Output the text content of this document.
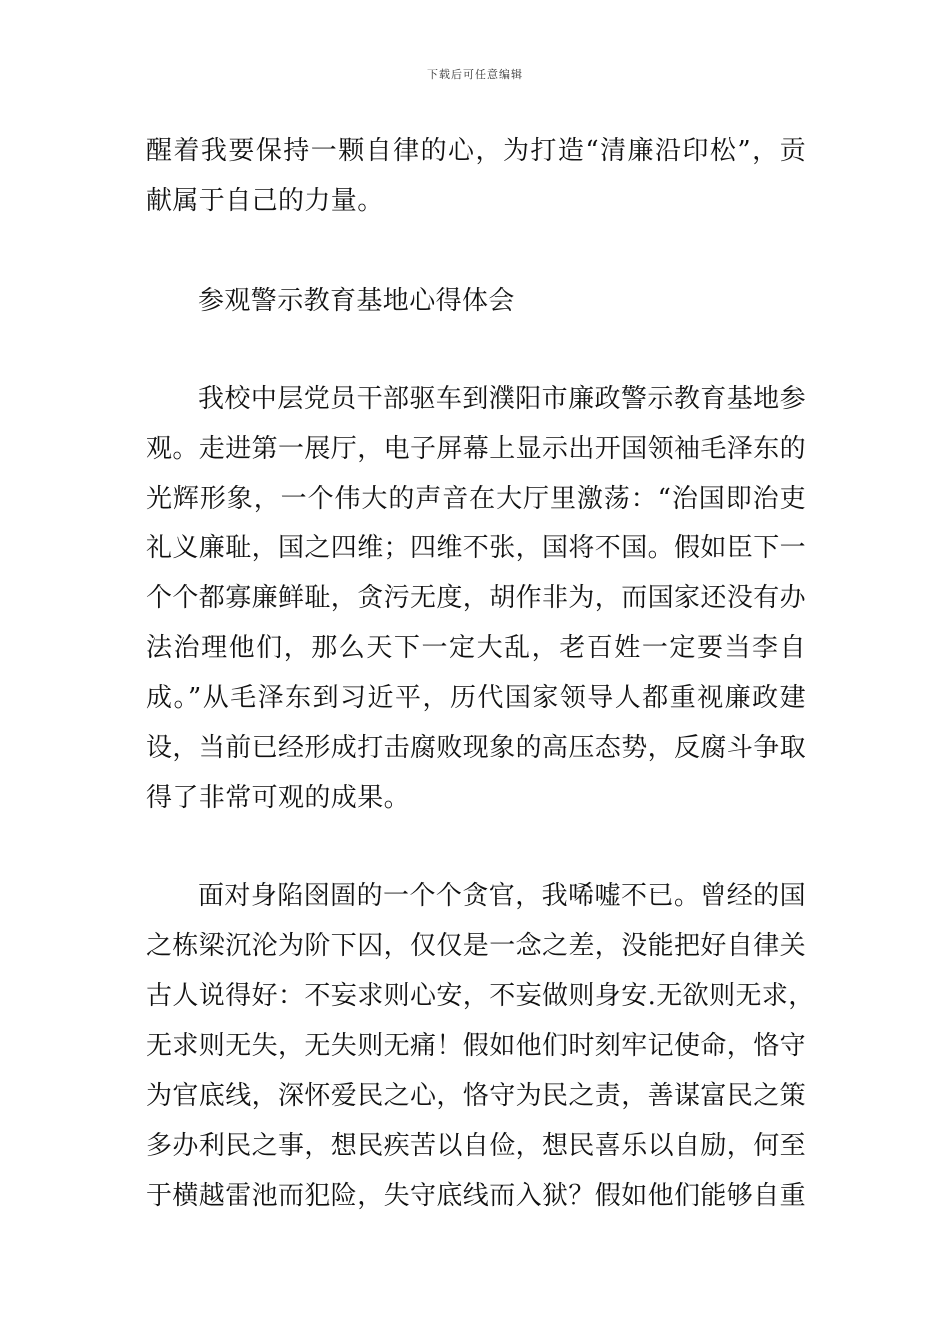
下载后可任意编辑
醒着我要保持一颗自律的心，为打造“清廉沿印松”，贡
献属于自己的力量。
参观警示教育基地心得体会
我校中层党员干部驱车到濮阳市廉政警示教育基地参
观。走进第一展厅，电子屏幕上显示出开国领袖毛泽东的
光辉形象，一个伟大的声音在大厅里激荡：“治国即治吏
礼义廉耻，国之四维；四维不张，国将不国。假如臣下一
个个都寡廉鲜耻，贪污无度，胡作非为，而国家还没有办
法治理他们，那么天下一定大乱，老百姓一定要当李自
成。”从毛泽东到习近平，历代国家领导人都重视廉政建
设，当前已经形成打击腐败现象的高压态势，反腐斗争取
得了非常可观的成果。
面对身陷囹圄的一个个贪官，我唏嘘不已。曾经的国
之栋梁沉沦为阶下囚，仅仅是一念之差，没能把好自律关
古人说得好：不妄求则心安，不妄做则身安.无欲则无求，
无求则无失，无失则无痛！假如他们时刻牢记使命，恪守
为官底线，深怀爱民之心，恪守为民之责，善谋富民之策
多办利民之事，想民疾苦以自俭，想民喜乐以自励，何至
于横越雷池而犯险，失守底线而入狱？假如他们能够自重
